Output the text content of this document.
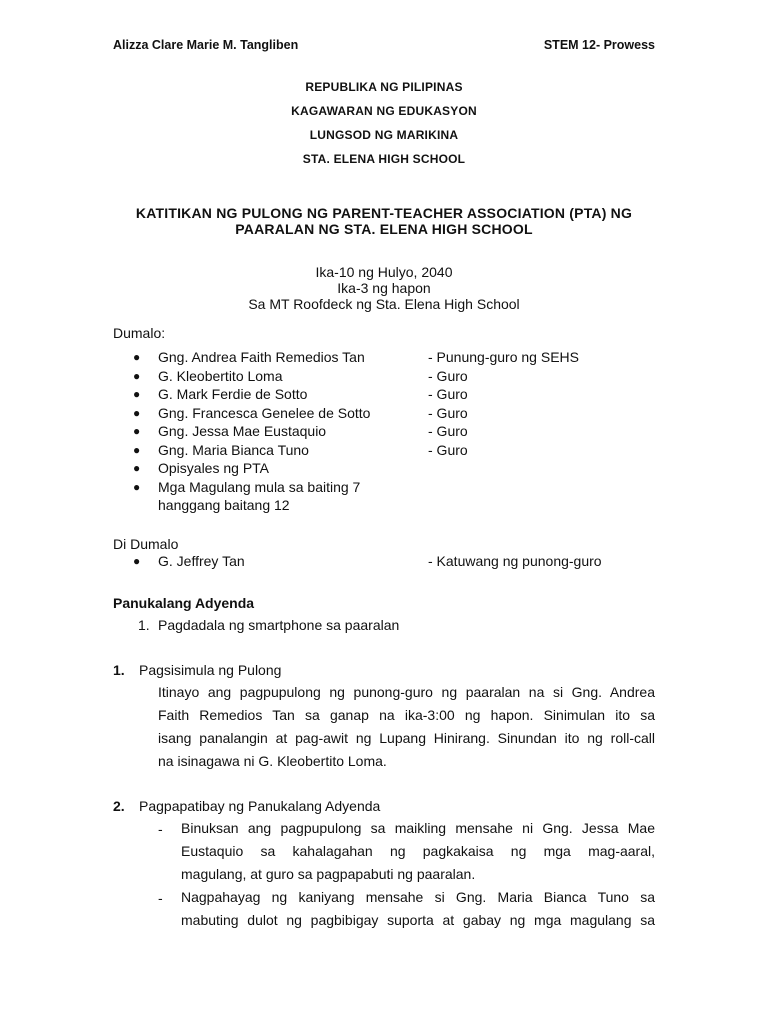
Alizza Clare Marie M. Tangliben	STEM 12- Prowess
REPUBLIKA NG PILIPINAS
KAGAWARAN NG EDUKASYON
LUNGSOD NG MARIKINA
STA. ELENA HIGH SCHOOL
KATITIKAN NG PULONG NG PARENT-TEACHER ASSOCIATION (PTA) NG
PAARALAN NG STA. ELENA HIGH SCHOOL
Ika-10 ng Hulyo, 2040
Ika-3 ng hapon
Sa MT Roofdeck ng Sta. Elena High School
Dumalo:
● Gng. Andrea Faith Remedios Tan	- Punung-guro ng SEHS
● G. Kleobertito Loma	- Guro
● G. Mark Ferdie de Sotto	- Guro
● Gng. Francesca Genelee de Sotto	- Guro
● Gng. Jessa Mae Eustaquio	- Guro
● Gng. Maria Bianca Tuno	- Guro
● Opisyales ng PTA
● Mga Magulang mula sa baiting 7
hanggang baitang 12
Di Dumalo
● G. Jeffrey Tan	- Katuwang ng punong-guro
Panukalang Adyenda
1. Pagdadala ng smartphone sa paaralan
1. Pagsisimula ng Pulong
Itinayo ang pagpupulong ng punong-guro ng paaralan na si Gng. Andrea
Faith Remedios Tan sa ganap na ika-3:00 ng hapon. Sinimulan ito sa
isang panalangin at pag-awit ng Lupang Hinirang. Sinundan ito ng roll-call
na isinagawa ni G. Kleobertito Loma.
2. Pagpapatibay ng Panukalang Adyenda
- Binuksan ang pagpupulong sa maikling mensahe ni Gng. Jessa Mae
Eustaquio sa kahalagahan ng pagkakaisa ng mga mag-aaral,
magulang, at guro sa pagpapabuti ng paaralan.
- Nagpahayag ng kaniyang mensahe si Gng. Maria Bianca Tuno sa
mabuting dulot ng pagbibigay suporta at gabay ng mga magulang sa
